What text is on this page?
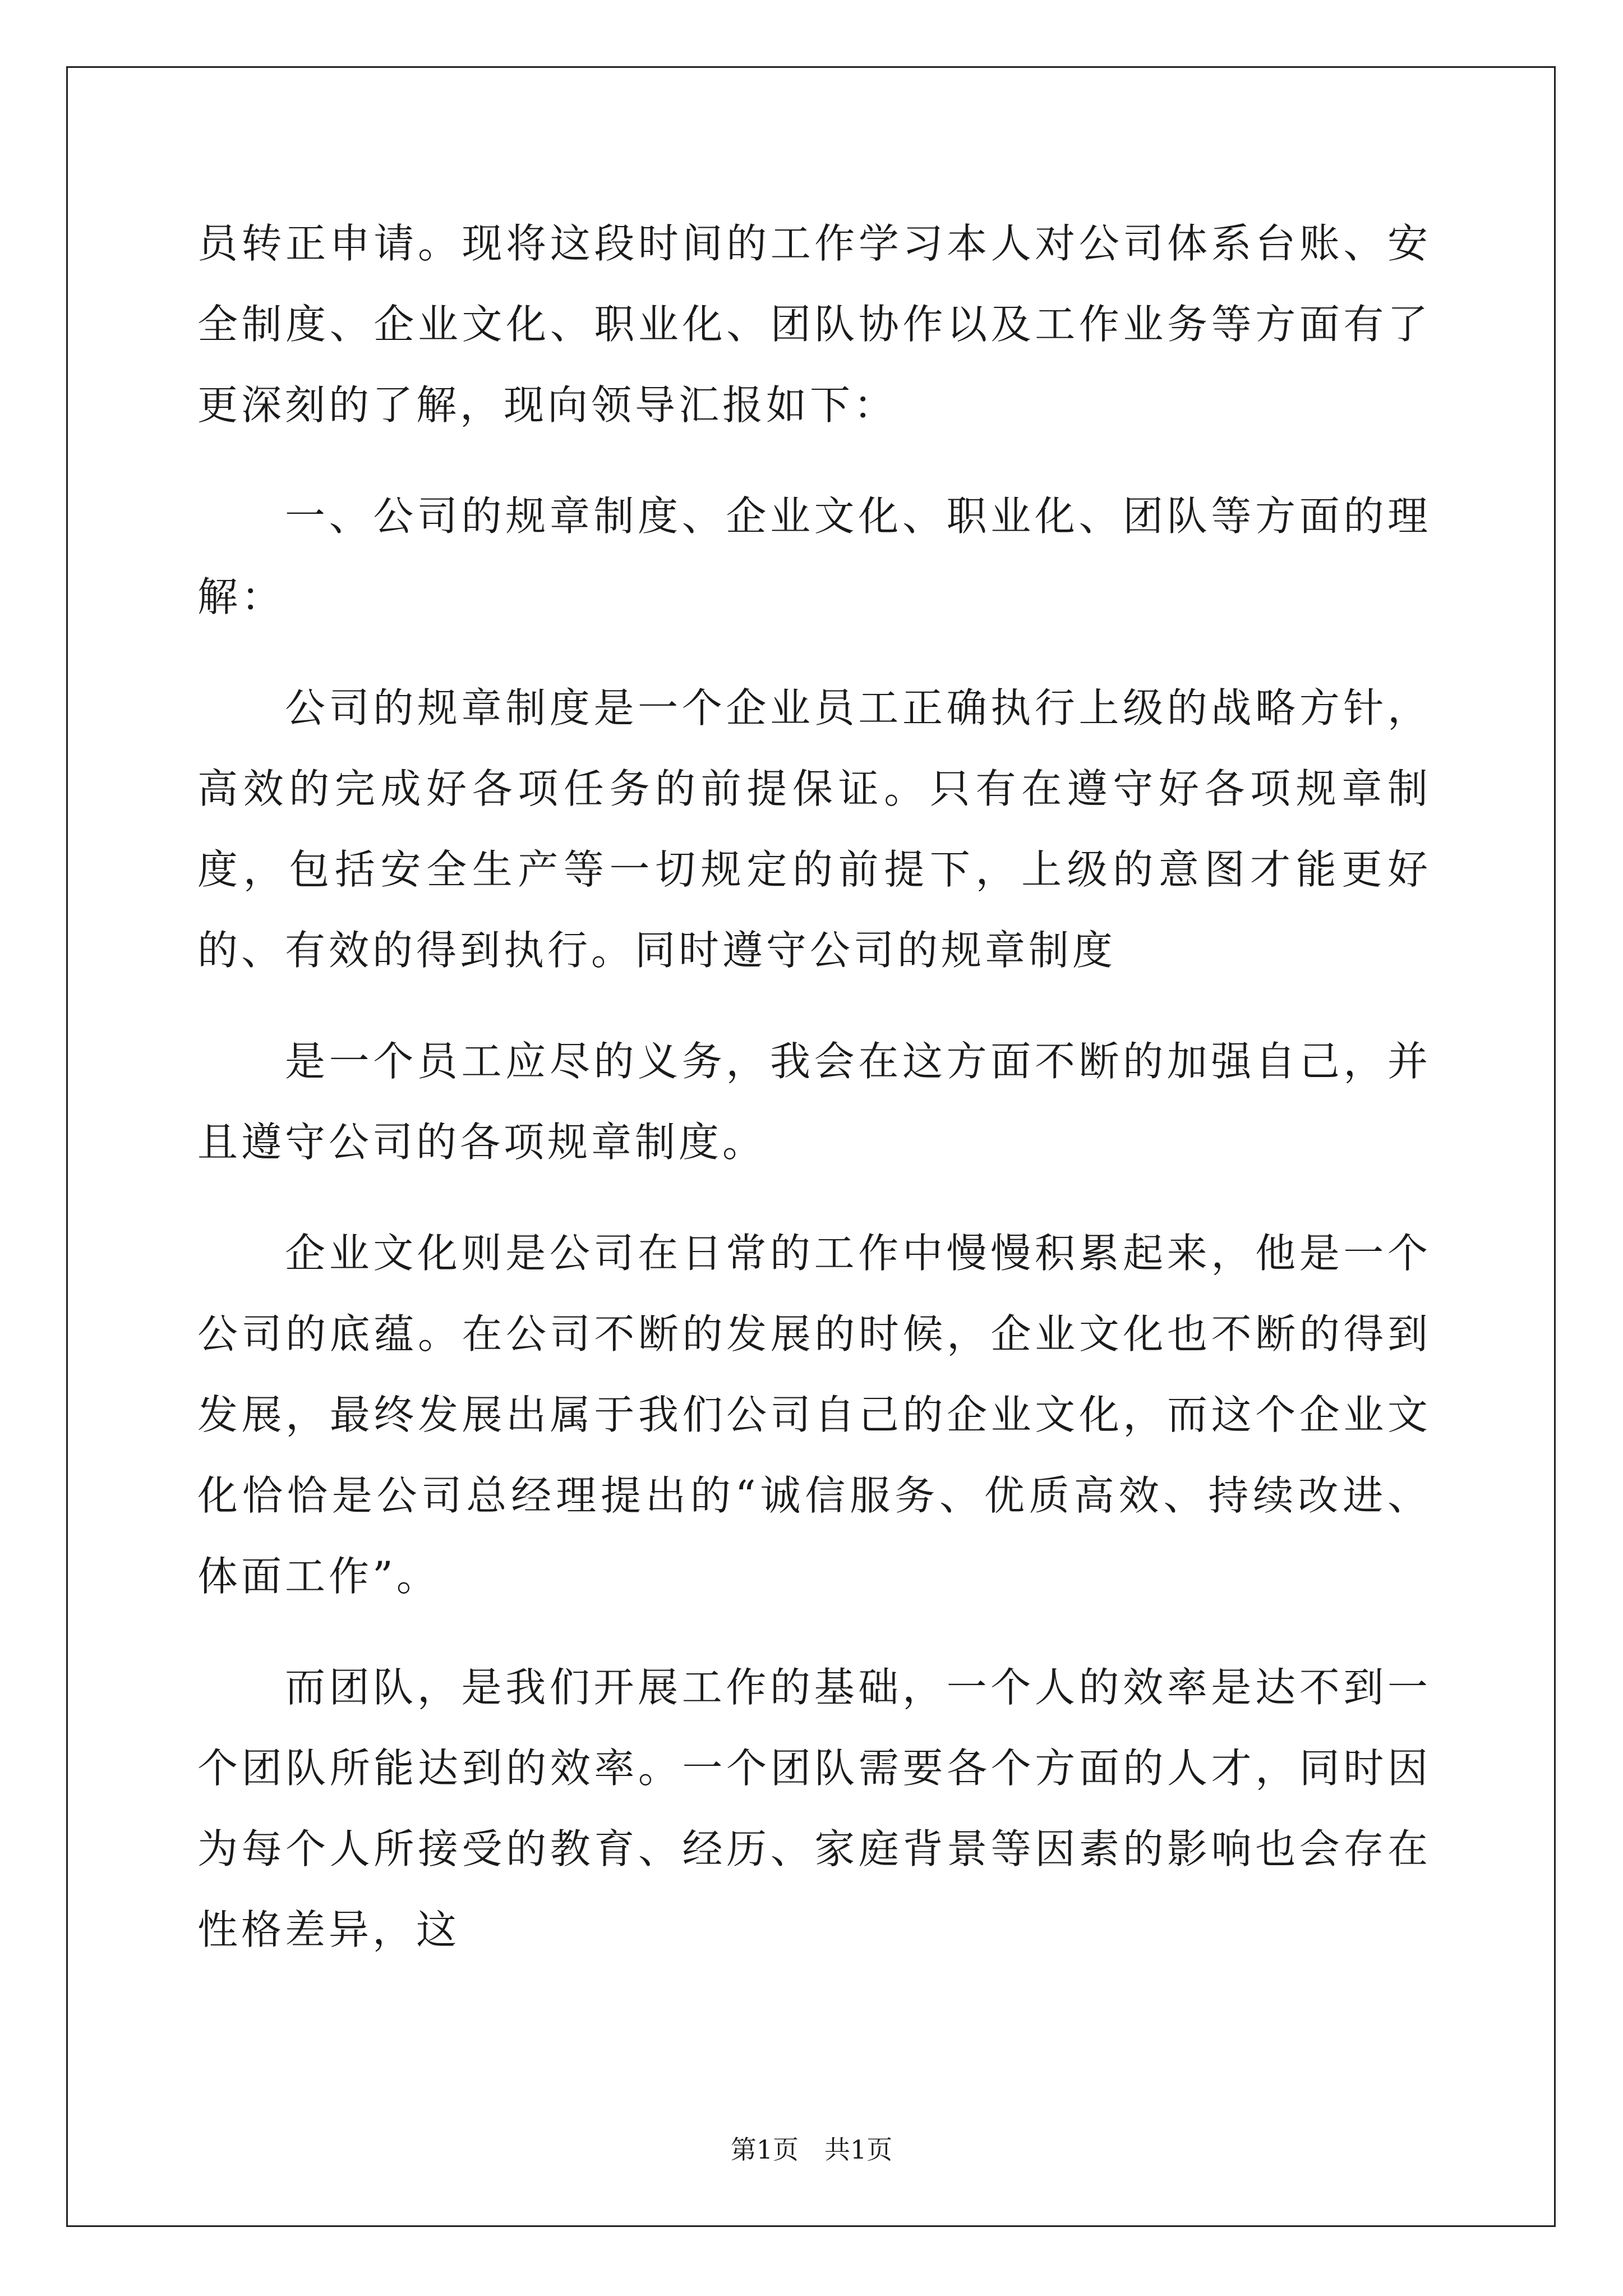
员转正申请。现将这段时间的工作学习本人对公司体系台账、安全制度、企业文化、职业化、团队协作以及工作业务等方面有了更深刻的了解，现向领导汇报如下：

一、公司的规章制度、企业文化、职业化、团队等方面的理解：

公司的规章制度是一个企业员工正确执行上级的战略方针，高效的完成好各项任务的前提保证。只有在遵守好各项规章制度，包括安全生产等一切规定的前提下，上级的意图才能更好的、有效的得到执行。同时遵守公司的规章制度

是一个员工应尽的义务，我会在这方面不断的加强自己，并且遵守公司的各项规章制度。

企业文化则是公司在日常的工作中慢慢积累起来，他是一个公司的底蕴。在公司不断的发展的时候，企业文化也不断的得到发展，最终发展出属于我们公司自己的企业文化，而这个企业文化恰恰是公司总经理提出的“诚信服务、优质高效、持续改进、体面工作”。

而团队，是我们开展工作的基础，一个人的效率是达不到一个团队所能达到的效率。一个团队需要各个方面的人才，同时因为每个人所接受的教育、经历、家庭背景等因素的影响也会存在性格差异，这

第1页　共1页
